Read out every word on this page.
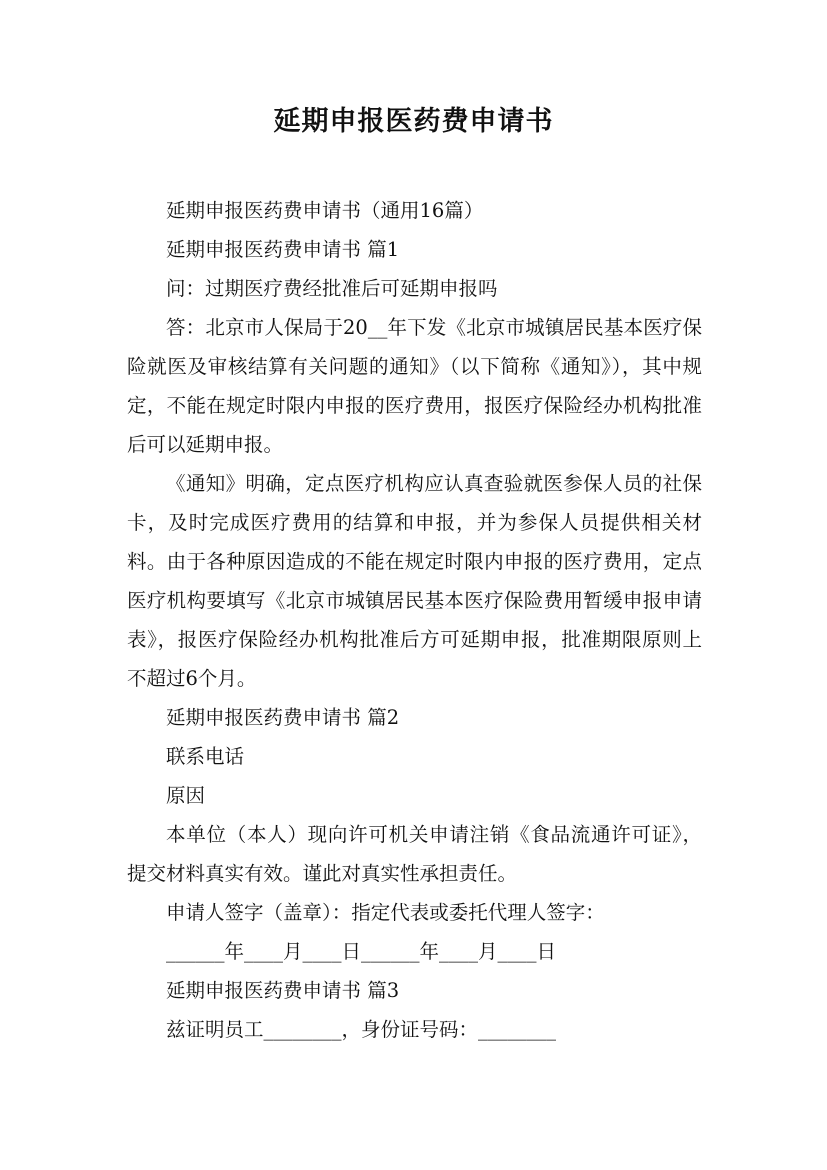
延期申报医药费申请书

延期申报医药费申请书（通用16篇）

延期申报医药费申请书 篇1

问：过期医疗费经批准后可延期申报吗

答：北京市人保局于20__年下发《北京市城镇居民基本医疗保险就医及审核结算有关问题的通知》（以下简称《通知》），其中规定，不能在规定时限内申报的医疗费用，报医疗保险经办机构批准后可以延期申报。

《通知》明确，定点医疗机构应认真查验就医参保人员的社保卡，及时完成医疗费用的结算和申报，并为参保人员提供相关材料。由于各种原因造成的不能在规定时限内申报的医疗费用，定点医疗机构要填写《北京市城镇居民基本医疗保险费用暂缓申报申请表》，报医疗保险经办机构批准后方可延期申报，批准期限原则上不超过6个月。

延期申报医药费申请书 篇2

联系电话

原因

本单位（本人）现向许可机关申请注销《食品流通许可证》，提交材料真实有效。谨此对真实性承担责任。

申请人签字（盖章）：指定代表或委托代理人签字：

______年____月____日______年____月____日

延期申报医药费申请书 篇3

兹证明员工________，身份证号码：________
